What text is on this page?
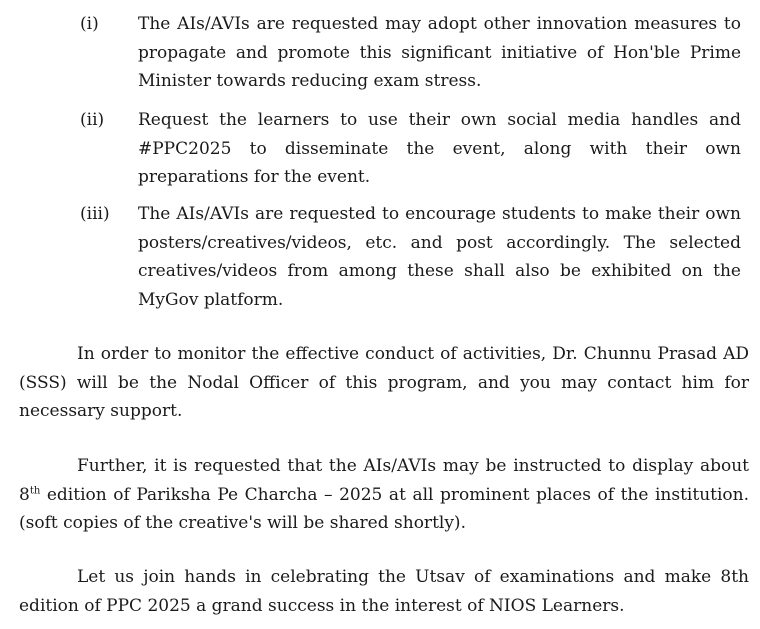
(i) The AIs/AVIs are requested may adopt other innovation measures to propagate and promote this significant initiative of Hon'ble Prime Minister towards reducing exam stress.
(ii) Request the learners to use their own social media handles and #PPC2025 to disseminate the event, along with their own preparations for the event.
(iii) The AIs/AVIs are requested to encourage students to make their own posters/creatives/videos, etc. and post accordingly. The selected creatives/videos from among these shall also be exhibited on the MyGov platform.
In order to monitor the effective conduct of activities, Dr. Chunnu Prasad AD (SSS) will be the Nodal Officer of this program, and you may contact him for necessary support.
Further, it is requested that the AIs/AVIs may be instructed to display about 8th edition of Pariksha Pe Charcha – 2025 at all prominent places of the institution. (soft copies of the creative's will be shared shortly).
Let us join hands in celebrating the Utsav of examinations and make 8th edition of PPC 2025 a grand success in the interest of NIOS Learners.
